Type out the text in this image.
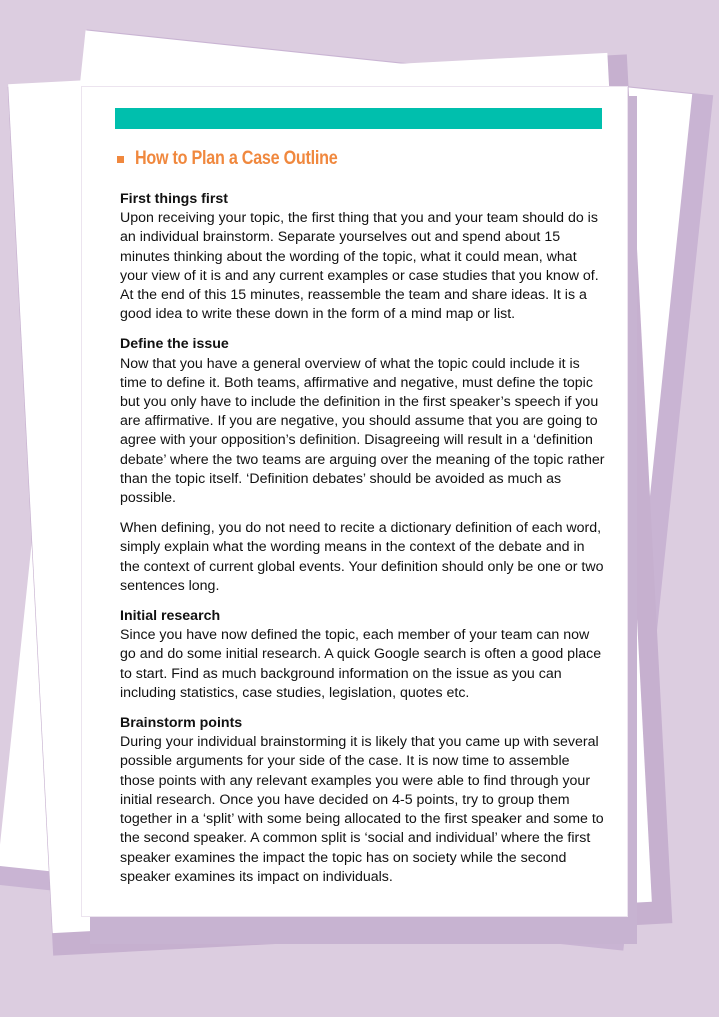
How to Plan a Case Outline
First things first

Upon receiving your topic, the first thing that you and your team should do is an individual brainstorm. Separate yourselves out and spend about 15 minutes thinking about the wording of the topic, what it could mean, what your view of it is and any current examples or case studies that you know of. At the end of this 15 minutes, reassemble the team and share ideas. It is a good idea to write these down in the form of a mind map or list.

Define the issue

Now that you have a general overview of what the topic could include it is time to define it. Both teams, affirmative and negative, must define the topic but you only have to include the definition in the first speaker’s speech if you are affirmative. If you are negative, you should assume that you are going to agree with your opposition’s definition. Disagreeing will result in a ‘definition debate’ where the two teams are arguing over the meaning of the topic rather than the topic itself. ‘Definition debates’ should be avoided as much as possible.

When defining, you do not need to recite a dictionary definition of each word, simply explain what the wording means in the context of the debate and in the context of current global events. Your definition should only be one or two sentences long.

Initial research

Since you have now defined the topic, each member of your team can now go and do some initial research. A quick Google search is often a good place to start. Find as much background information on the issue as you can including statistics, case studies, legislation, quotes etc.

Brainstorm points

During your individual brainstorming it is likely that you came up with several possible arguments for your side of the case. It is now time to assemble those points with any relevant examples you were able to find through your initial research. Once you have decided on 4-5 points, try to group them together in a ‘split’ with some being allocated to the first speaker and some to the second speaker. A common split is ‘social and individual’ where the first speaker examines the impact the topic has on society while the second speaker examines its impact on individuals.
